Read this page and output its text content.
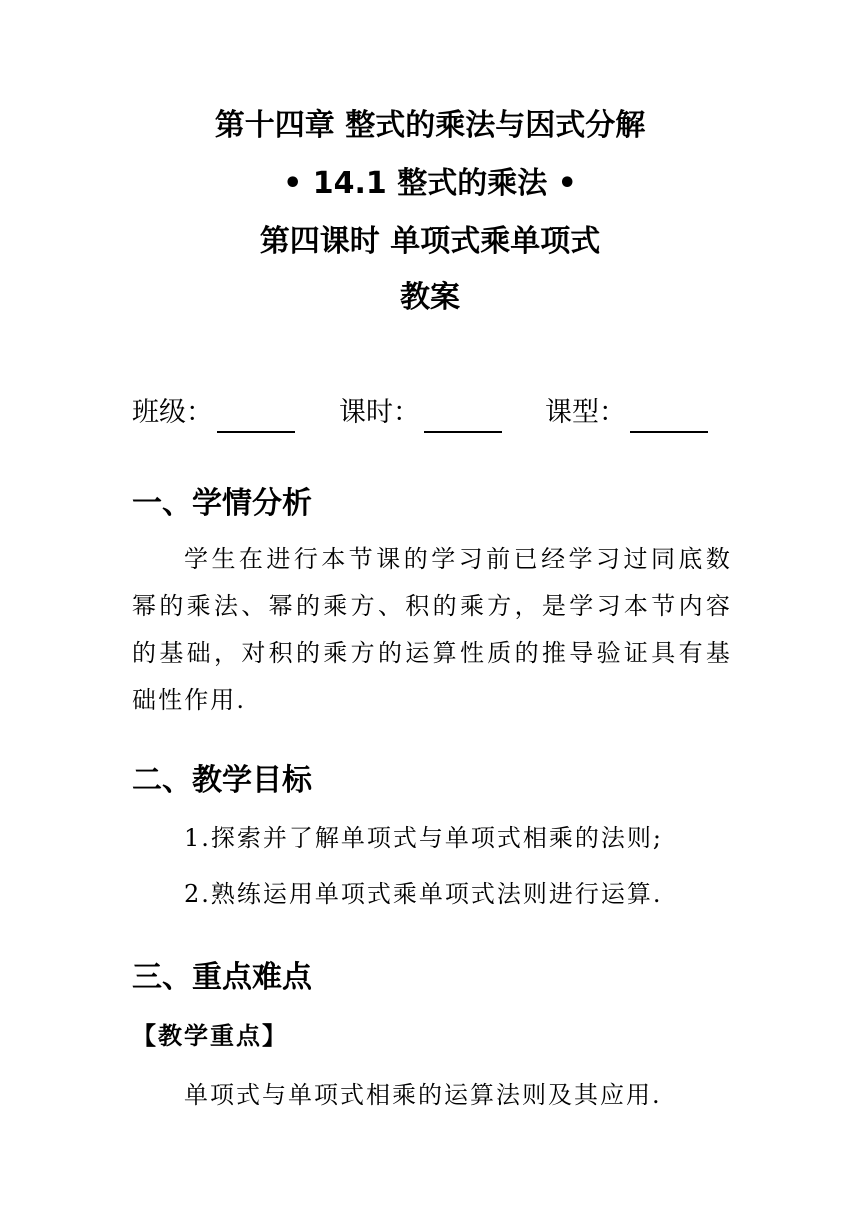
第十四章 整式的乘法与因式分解
• 14.1 整式的乘法 •
第四课时 单项式乘单项式
教案
班级：	课时：	课型：
一、学情分析

学生在进行本节课的学习前已经学习过同底数幂的乘法、幂的乘方、积的乘方，是学习本节内容的基础，对积的乘方的运算性质的推导验证具有基础性作用.

二、教学目标

1.探索并了解单项式与单项式相乘的法则;

2.熟练运用单项式乘单项式法则进行运算.

三、重点难点

【教学重点】

单项式与单项式相乘的运算法则及其应用.
